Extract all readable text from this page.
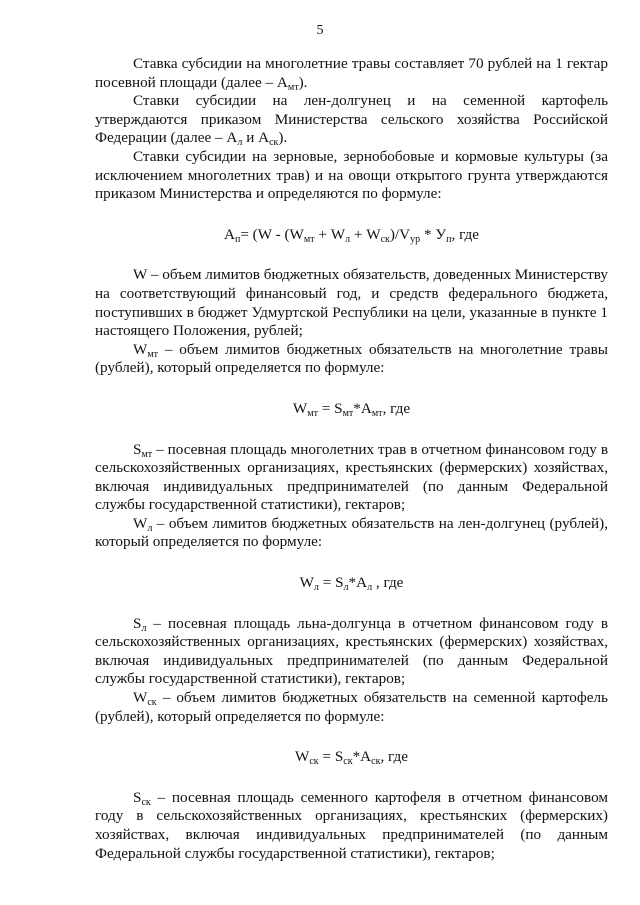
5

Ставка субсидии на многолетние травы составляет 70 рублей на 1 гектар посевной площади (далее – $А_{мт}$).

Ставки субсидии на лен-долгунец и на семенной картофель утверждаются приказом Министерства сельского хозяйства Российской Федерации (далее – $А_л$ и $А_{ск}$).

Ставки субсидии на зерновые, зернобобовые и кормовые культуры (за исключением многолетних трав) и на овощи открытого грунта утверждаются приказом Министерства и определяются по формуле:

$А_п= (W - (W_{мт} + W_л + W_{ск})/V_{ур} * У_п$, где

W – объем лимитов бюджетных обязательств, доведенных Министерству на соответствующий финансовый год, и средств федерального бюджета, поступивших в бюджет Удмуртской Республики на цели, указанные в пункте 1 настоящего Положения, рублей;

$W_{мт}$ – объем лимитов бюджетных обязательств на многолетние травы (рублей), который определяется по формуле:

$W_{мт} = S_{мт}*А_{мт}$, где

$S_{мт}$ – посевная площадь многолетних трав в отчетном финансовом году в сельскохозяйственных организациях, крестьянских (фермерских) хозяйствах, включая индивидуальных предпринимателей (по данным Федеральной службы государственной статистики), гектаров;

$W_л$ – объем лимитов бюджетных обязательств на лен-долгунец (рублей), который определяется по формуле:

$W_л = S_л*А_л$ , где

$S_л$ – посевная площадь льна-долгунца в отчетном финансовом году в сельскохозяйственных организациях, крестьянских (фермерских) хозяйствах, включая индивидуальных предпринимателей (по данным Федеральной службы государственной статистики), гектаров;

$W_{ск}$ – объем лимитов бюджетных обязательств на семенной картофель (рублей), который определяется по формуле:

$W_{ск} = S_{ск}*А_{ск}$, где

$S_{ск}$ – посевная площадь семенного картофеля в отчетном финансовом году в сельскохозяйственных организациях, крестьянских (фермерских) хозяйствах, включая индивидуальных предпринимателей (по данным Федеральной службы государственной статистики), гектаров;
